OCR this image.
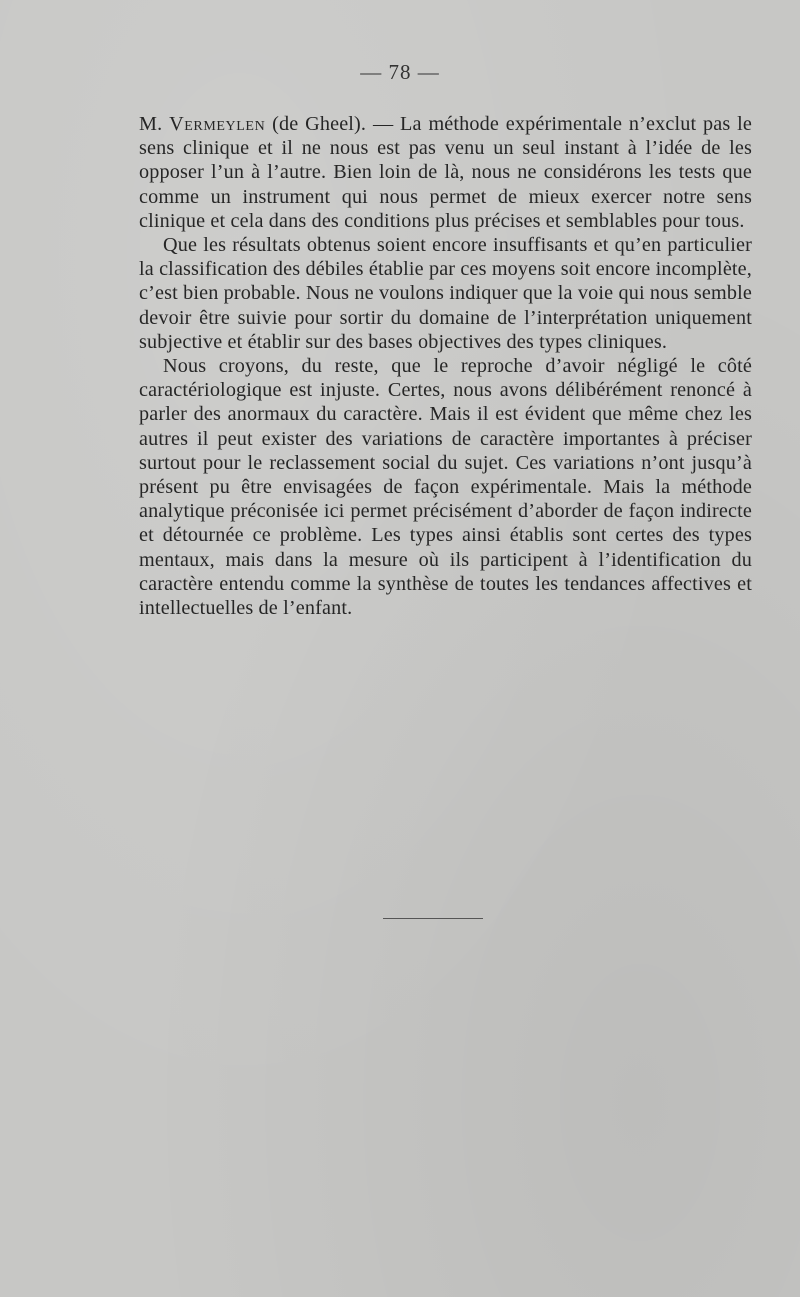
— 78 —

M. Vermeylen (de Gheel). — La méthode expérimentale n’exclut pas le sens clinique et il ne nous est pas venu un seul instant à l’idée de les opposer l’un à l’autre. Bien loin de là, nous ne considérons les tests que comme un instrument qui nous permet de mieux exercer notre sens clinique et cela dans des conditions plus précises et semblables pour tous.

Que les résultats obtenus soient encore insuffisants et qu’en particulier la classification des débiles établie par ces moyens soit encore incomplète, c’est bien probable. Nous ne voulons indiquer que la voie qui nous semble devoir être suivie pour sortir du domaine de l’interprétation uniquement subjective et établir sur des bases objectives des types cliniques.

Nous croyons, du reste, que le reproche d’avoir négligé le côté caractériologique est injuste. Certes, nous avons délibérément renoncé à parler des anormaux du caractère. Mais il est évident que même chez les autres il peut exister des variations de caractère importantes à préciser surtout pour le reclassement social du sujet. Ces variations n’ont jusqu’à présent pu être envisagées de façon expérimentale. Mais la méthode analytique préconisée ici permet précisément d’aborder de façon indirecte et détournée ce problème. Les types ainsi établis sont certes des types mentaux, mais dans la mesure où ils participent à l’identification du caractère entendu comme la synthèse de toutes les tendances affectives et intellectuelles de l’enfant.
